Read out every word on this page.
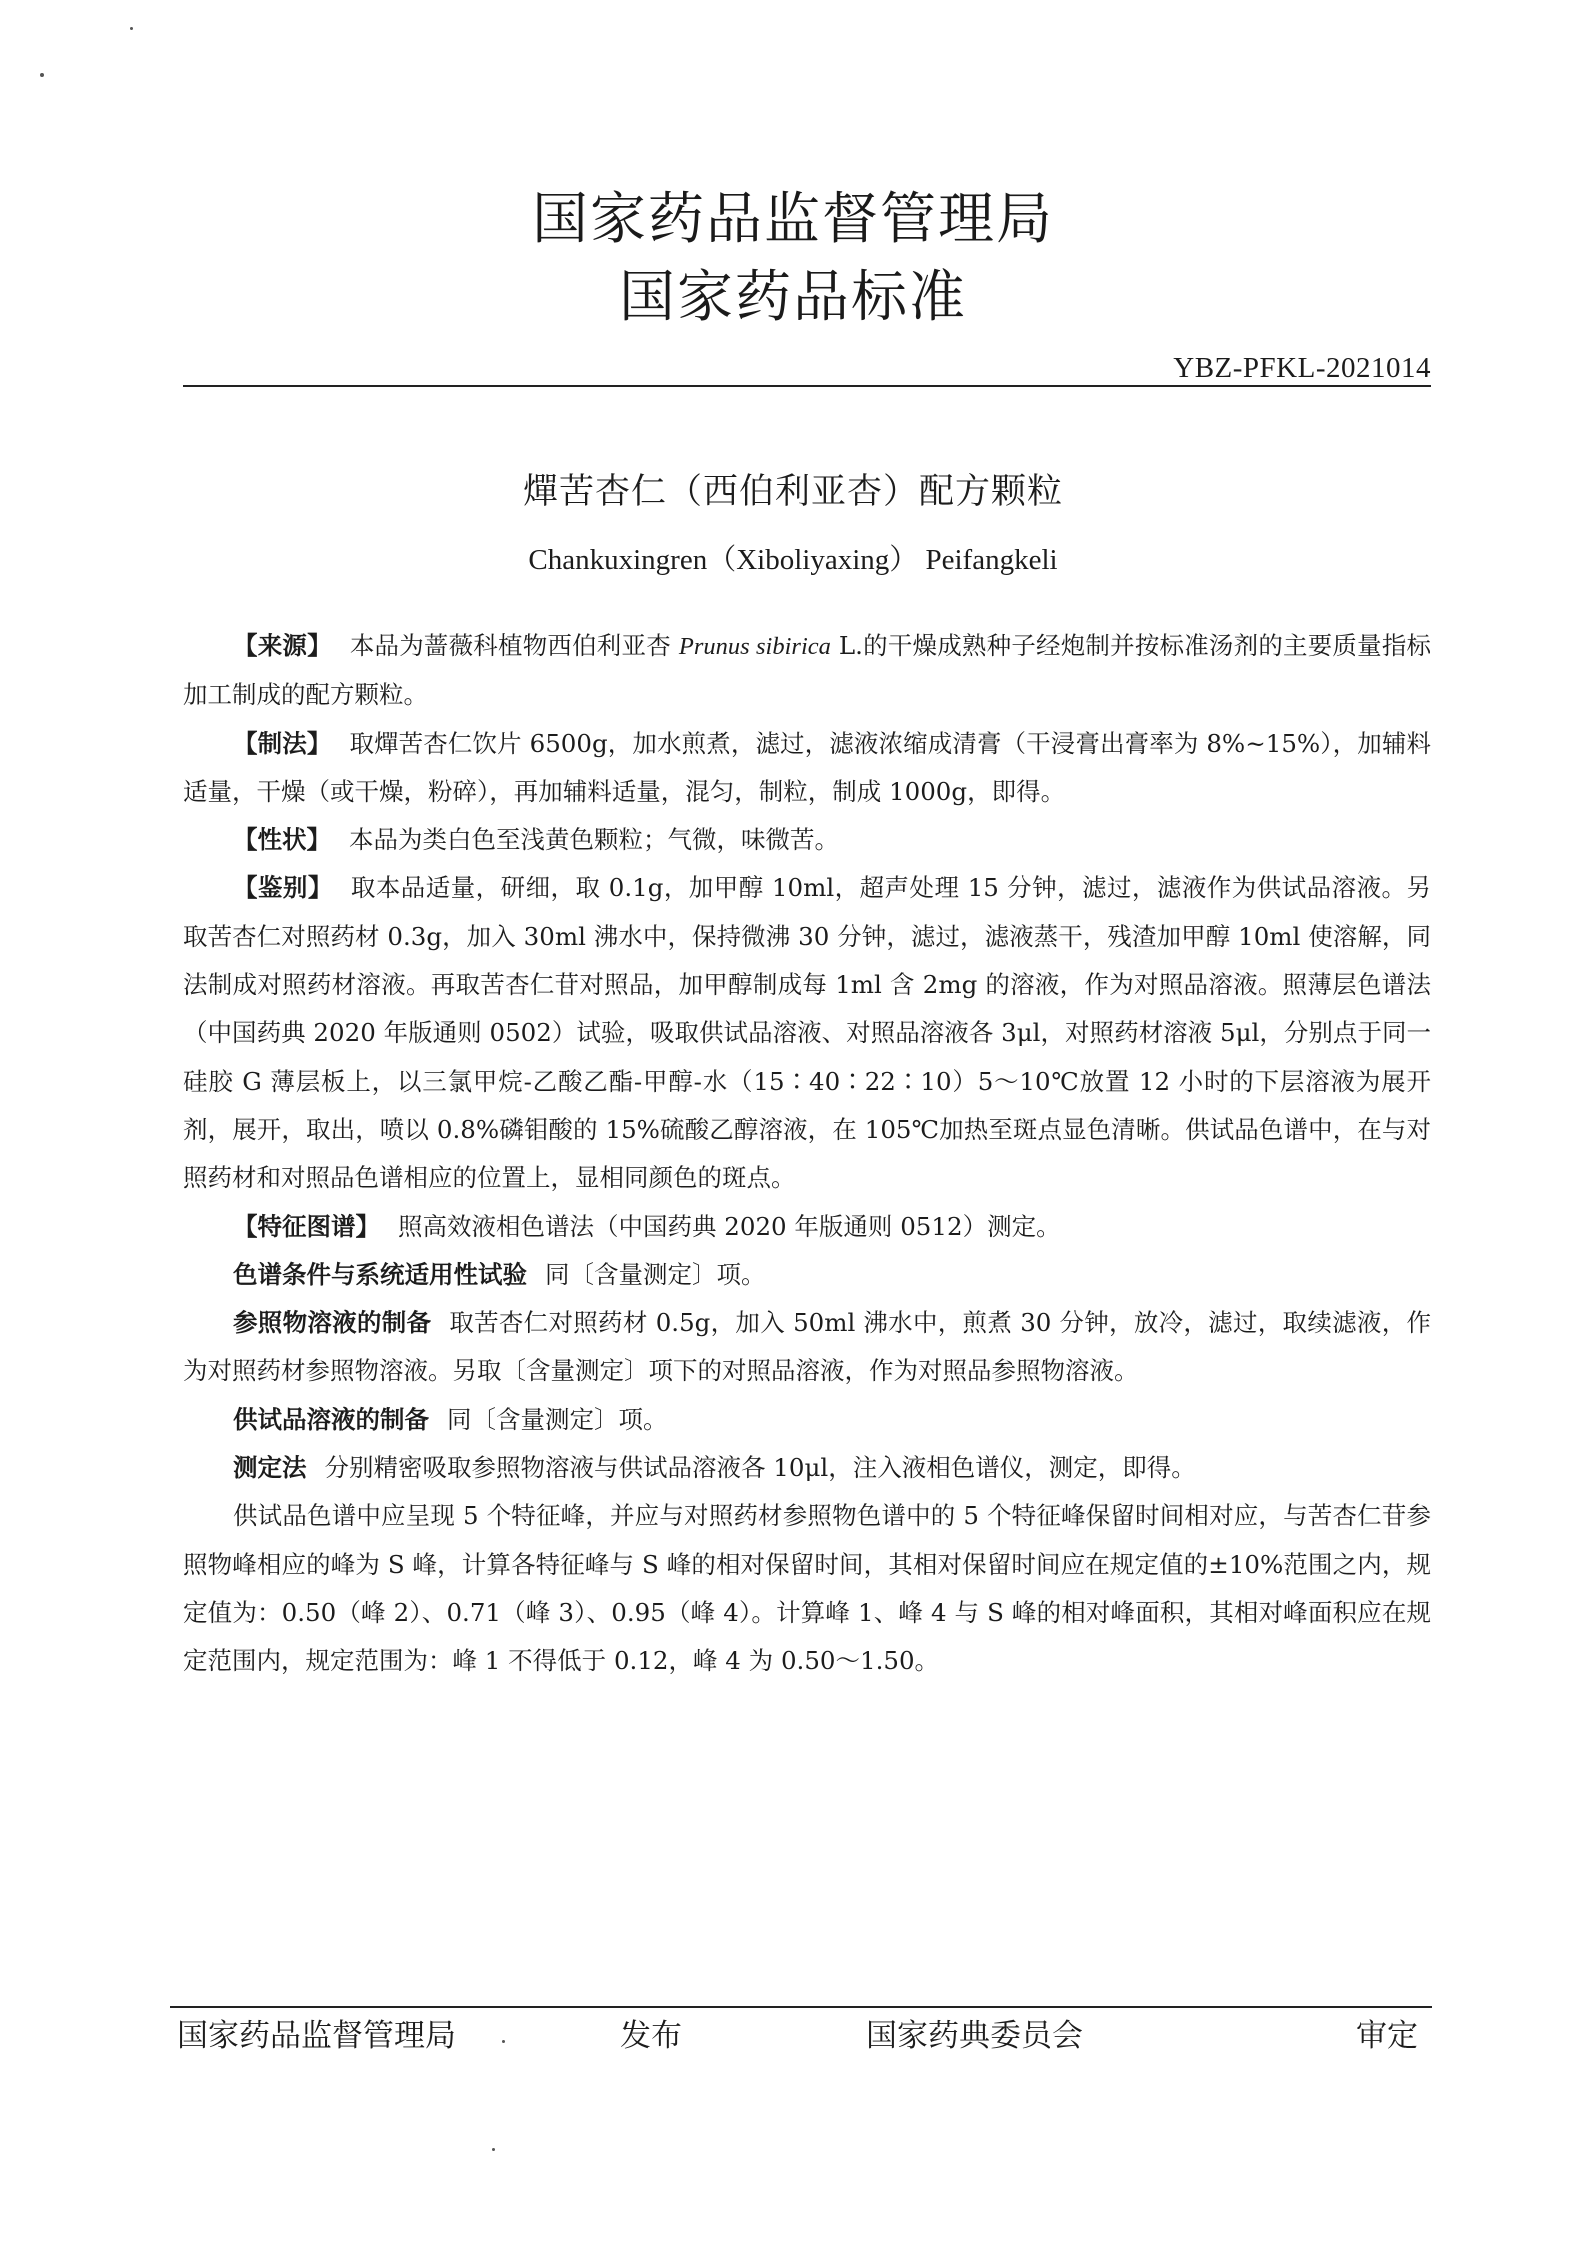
国家药品监督管理局
国家药品标准
YBZ-PFKL-2021014
燀苦杏仁（西伯利亚杏）配方颗粒
Chankuxingren（Xiboliyaxing） Peifangkeli

【来源】 本品为蔷薇科植物西伯利亚杏 Prunus sibirica L.的干燥成熟种子经炮制并按标准汤剂的主要质量指标加工制成的配方颗粒。

【制法】 取燀苦杏仁饮片 6500g，加水煎煮，滤过，滤液浓缩成清膏（干浸膏出膏率为 8%~15%），加辅料适量，干燥（或干燥，粉碎），再加辅料适量，混匀，制粒，制成 1000g，即得。

【性状】 本品为类白色至浅黄色颗粒；气微，味微苦。

【鉴别】 取本品适量，研细，取 0.1g，加甲醇 10ml，超声处理 15 分钟，滤过，滤液作为供试品溶液。另取苦杏仁对照药材 0.3g，加入 30ml 沸水中，保持微沸 30 分钟，滤过，滤液蒸干，残渣加甲醇 10ml 使溶解，同法制成对照药材溶液。再取苦杏仁苷对照品，加甲醇制成每 1ml 含 2mg 的溶液，作为对照品溶液。照薄层色谱法（中国药典 2020 年版通则 0502）试验，吸取供试品溶液、对照品溶液各 3μl，对照药材溶液 5μl，分别点于同一硅胶 G 薄层板上，以三氯甲烷-乙酸乙酯-甲醇-水（15∶40∶22∶10）5～10℃放置 12 小时的下层溶液为展开剂，展开，取出，喷以 0.8%磷钼酸的 15%硫酸乙醇溶液，在 105℃加热至斑点显色清晰。供试品色谱中，在与对照药材和对照品色谱相应的位置上，显相同颜色的斑点。

【特征图谱】 照高效液相色谱法（中国药典 2020 年版通则 0512）测定。

色谱条件与系统适用性试验 同〔含量测定〕项。

参照物溶液的制备 取苦杏仁对照药材 0.5g，加入 50ml 沸水中，煎煮 30 分钟，放冷，滤过，取续滤液，作为对照药材参照物溶液。另取〔含量测定〕项下的对照品溶液，作为对照品参照物溶液。

供试品溶液的制备 同〔含量测定〕项。

测定法 分别精密吸取参照物溶液与供试品溶液各 10μl，注入液相色谱仪，测定，即得。

供试品色谱中应呈现 5 个特征峰，并应与对照药材参照物色谱中的 5 个特征峰保留时间相对应，与苦杏仁苷参照物峰相应的峰为 S 峰，计算各特征峰与 S 峰的相对保留时间，其相对保留时间应在规定值的±10%范围之内，规定值为：0.50（峰 2）、0.71（峰 3）、0.95（峰 4）。计算峰 1、峰 4 与 S 峰的相对峰面积，其相对峰面积应在规定范围内，规定范围为：峰 1 不得低于 0.12，峰 4 为 0.50～1.50。

国家药品监督管理局	发布	国家药典委员会	审定
